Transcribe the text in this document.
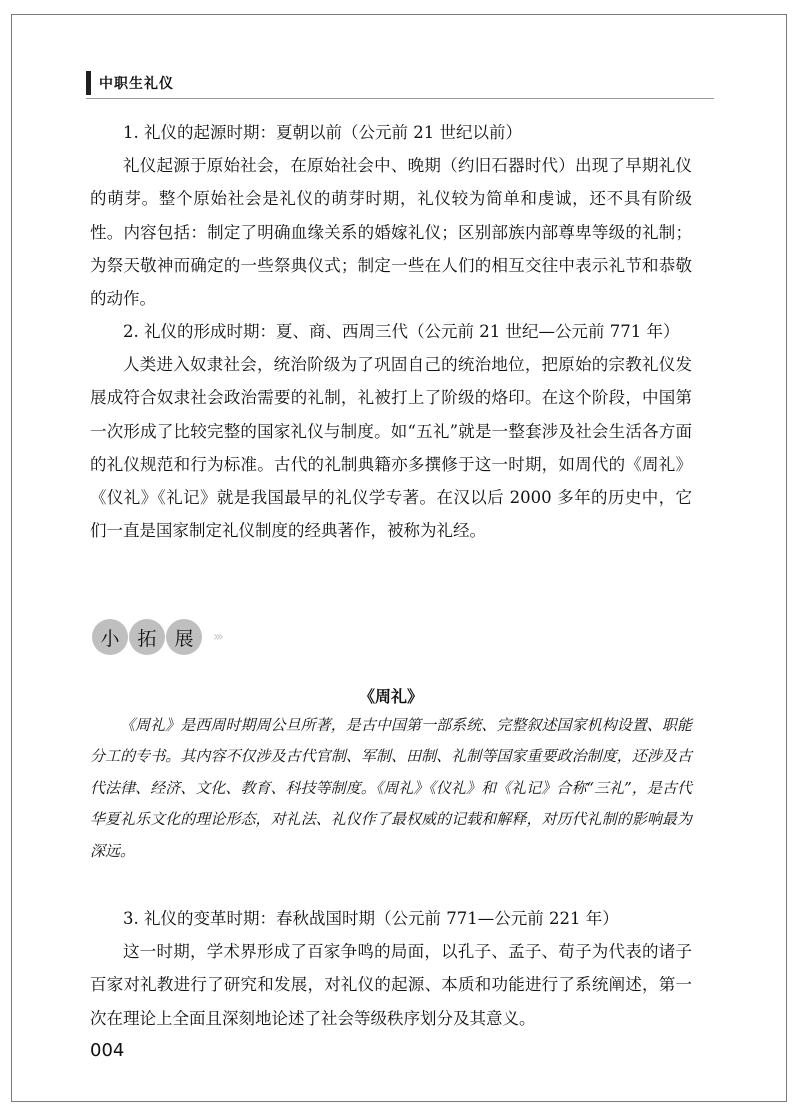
中职生礼仪

1. 礼仪的起源时期：夏朝以前（公元前 21 世纪以前）

礼仪起源于原始社会，在原始社会中、晚期（约旧石器时代）出现了早期礼仪的萌芽。整个原始社会是礼仪的萌芽时期，礼仪较为简单和虔诚，还不具有阶级性。内容包括：制定了明确血缘关系的婚嫁礼仪；区别部族内部尊卑等级的礼制；为祭天敬神而确定的一些祭典仪式；制定一些在人们的相互交往中表示礼节和恭敬的动作。

2. 礼仪的形成时期：夏、商、西周三代（公元前 21 世纪—公元前 771 年）

人类进入奴隶社会，统治阶级为了巩固自己的统治地位，把原始的宗教礼仪发展成符合奴隶社会政治需要的礼制，礼被打上了阶级的烙印。在这个阶段，中国第一次形成了比较完整的国家礼仪与制度。如“五礼”就是一整套涉及社会生活各方面的礼仪规范和行为标准。古代的礼制典籍亦多撰修于这一时期，如周代的《周礼》《仪礼》《礼记》就是我国最早的礼仪学专著。在汉以后 2000 多年的历史中，它们一直是国家制定礼仪制度的经典著作，被称为礼经。

小 拓 展	›››
《周礼》

《周礼》是西周时期周公旦所著，是古中国第一部系统、完整叙述国家机构设置、职能分工的专书。其内容不仅涉及古代官制、军制、田制、礼制等国家重要政治制度，还涉及古代法律、经济、文化、教育、科技等制度。《周礼》《仪礼》和《礼记》合称“三礼”，是古代华夏礼乐文化的理论形态，对礼法、礼仪作了最权威的记载和解释，对历代礼制的影响最为深远。

3. 礼仪的变革时期：春秋战国时期（公元前 771—公元前 221 年）

这一时期，学术界形成了百家争鸣的局面，以孔子、孟子、荀子为代表的诸子百家对礼教进行了研究和发展，对礼仪的起源、本质和功能进行了系统阐述，第一次在理论上全面且深刻地论述了社会等级秩序划分及其意义。

004
